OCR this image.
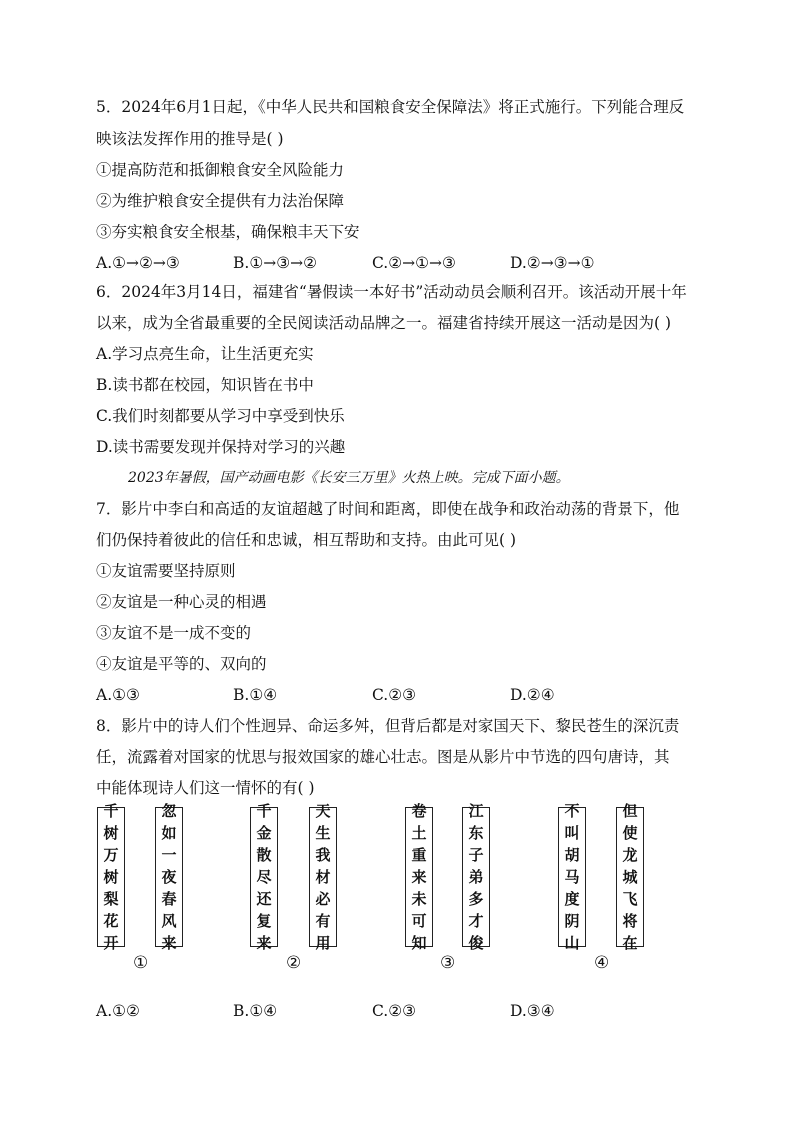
5．2024年6月1日起，《中华人民共和国粮食安全保障法》将正式施行。下列能合理反
映该法发挥作用的推导是( )
①提高防范和抵御粮食安全风险能力
②为维护粮食安全提供有力法治保障
③夯实粮食安全根基，确保粮丰天下安
A.①→②→③	B.①→③→②	C.②→①→③	D.②→③→①
6．2024年3月14日，福建省“暑假读一本好书”活动动员会顺利召开。该活动开展十年
以来，成为全省最重要的全民阅读活动品牌之一。福建省持续开展这一活动是因为( )
A.学习点亮生命，让生活更充实
B.读书都在校园，知识皆在书中
C.我们时刻都要从学习中享受到快乐
D.读书需要发现并保持对学习的兴趣
2023年暑假，国产动画电影《长安三万里》火热上映。完成下面小题。
7．影片中李白和高适的友谊超越了时间和距离，即使在战争和政治动荡的背景下，他
们仍保持着彼此的信任和忠诚，相互帮助和支持。由此可见( )
①友谊需要坚持原则
②友谊是一种心灵的相遇
③友谊不是一成不变的
④友谊是平等的、双向的
A.①③	B.①④	C.②③	D.②④
8．影片中的诗人们个性迥异、命运多舛，但背后都是对家国天下、黎民苍生的深沉责
任，流露着对国家的忧思与报效国家的雄心壮志。图是从影片中节选的四句唐诗，其
中能体现诗人们这一情怀的有( )
千
树
万
树
梨
花
开
忽
如
一
夜
春
风
来
①
千
金
散
尽
还
复
来
天
生
我
材
必
有
用
②
卷
土
重
来
未
可
知
江
东
子
弟
多
才
俊
③
不
叫
胡
马
度
阴
山
但
使
龙
城
飞
将
在
④
A.①②	B.①④	C.②③	D.③④
